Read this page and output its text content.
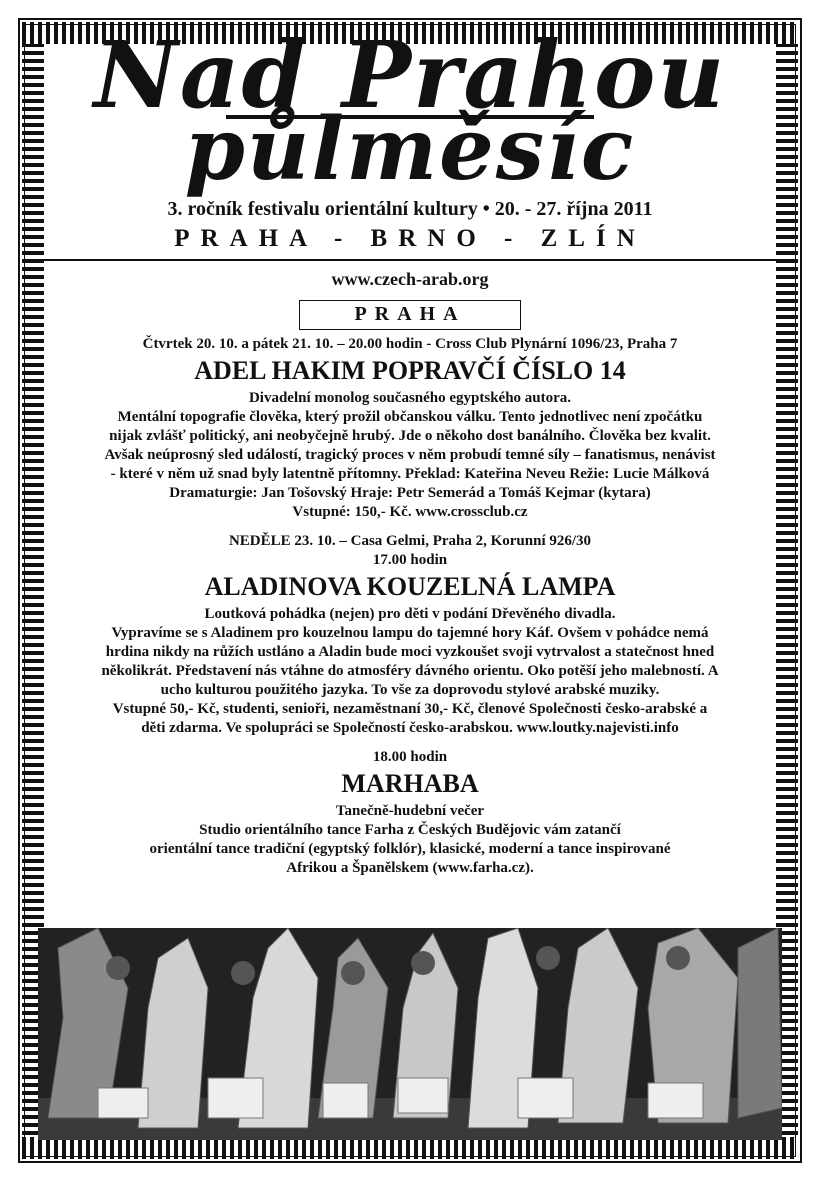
Nad Prahou
půlměsíc
3. ročník festivalu orientální kultury • 20. - 27. října 2011
PRAHA - BRNO - ZLÍN
www.czech-arab.org
PRAHA
Čtvrtek 20. 10. a pátek 21. 10. – 20.00 hodin - Cross Club Plynární 1096/23, Praha 7
ADEL HAKIM POPRAVČÍ ČÍSLO 14
Divadelní monolog současného egyptského autora.
Mentální topografie člověka, který prožil občanskou válku. Tento jednotlivec není zpočátku
nijak zvlášť politický, ani neobyčejně hrubý. Jde o někoho dost banálního. Člověka bez kvalit.
Avšak neúprosný sled událostí, tragický proces v něm probudí temné síly – fanatismus, nenávist
- které v něm už snad byly latentně přítomny. Překlad: Kateřina Neveu Režie: Lucie Málková
Dramaturgie: Jan Tošovský Hraje: Petr Semerád a Tomáš Kejmar (kytara)
Vstupné: 150,- Kč. www.crossclub.cz
NEDĚLE 23. 10. – Casa Gelmi, Praha 2, Korunní 926/30
17.00 hodin
ALADINOVA KOUZELNÁ LAMPA
Loutková pohádka (nejen) pro děti v podání Dřevěného divadla.
Vypravíme se s Aladinem pro kouzelnou lampu do tajemné hory Káf. Ovšem v pohádce nemá
hrdina nikdy na růžích ustláno a Aladin bude moci vyzkoušet svoji vytrvalost a statečnost hned
několikrát. Představení nás vtáhne do atmosféry dávného orientu. Oko potěší jeho malebností. A
ucho kulturou použitého jazyka. To vše za doprovodu stylové arabské muziky.
Vstupné 50,- Kč, studenti, senioři, nezaměstnaní 30,- Kč, členové Společnosti česko-arabské a
děti zdarma. Ve spolupráci se Společností česko-arabskou. www.loutky.najevisti.info
18.00 hodin
MARHABA
Tanečně-hudební večer
Studio orientálního tance Farha z Českých Budějovic vám zatančí
orientální tance tradiční (egyptský folklór), klasické, moderní a tance inspirované
Afrikou a Španělskem (www.farha.cz).
